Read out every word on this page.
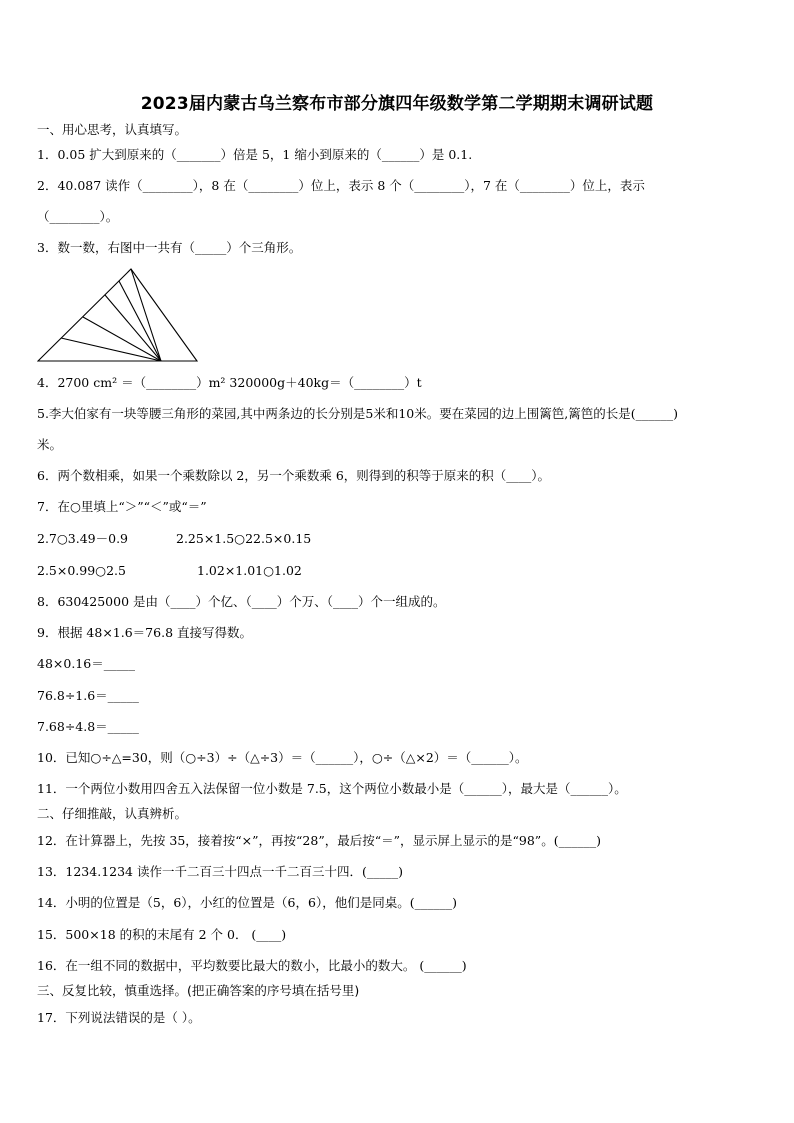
2023届内蒙古乌兰察布市部分旗四年级数学第二学期期末调研试题
一、用心思考，认真填写。
1．0.05 扩大到原来的（_______）倍是 5，1 缩小到原来的（______）是 0.1.
2．40.087 读作（________），8 在（________）位上，表示 8 个（________），7 在（________）位上，表示
（________）。
3．数一数，右图中一共有（_____）个三角形。
4．2700 cm² ＝（________）m² 320000g＋40kg＝（________）t
5.李大伯家有一块等腰三角形的菜园,其中两条边的长分别是5米和10米。要在菜园的边上围篱笆,篱笆的长是(______)
米。
6．两个数相乘，如果一个乘数除以 2，另一个乘数乘 6，则得到的积等于原来的积（____）。
7．在○里填上“＞”“＜”或“＝”
2.7○3.49－0.9	2.25×1.5○22.5×0.15
2.5×0.99○2.5	1.02×1.01○1.02
8．630425000 是由（____）个亿、（____）个万、（____）个一组成的。
9．根据 48×1.6＝76.8 直接写得数。
48×0.16＝_____
76.8÷1.6＝_____
7.68÷4.8＝_____
10．已知○÷△=30，则（○÷3）÷（△÷3）＝（______），○÷（△×2）＝（______）。
11．一个两位小数用四舍五入法保留一位小数是 7.5，这个两位小数最小是（______），最大是（______）。
二、仔细推敲，认真辨析。
12．在计算器上，先按 35，接着按“×”，再按“28”，最后按“＝”，显示屏上显示的是“98”。(______)
13．1234.1234 读作一千二百三十四点一千二百三十四．(_____)
14．小明的位置是（5，6），小红的位置是（6，6），他们是同桌。(______)
15．500×18 的积的末尾有 2 个 0． (____)
16．在一组不同的数据中，平均数要比最大的数小，比最小的数大。 (______)
三、反复比较，慎重选择。(把正确答案的序号填在括号里)
17．下列说法错误的是（ ）。
